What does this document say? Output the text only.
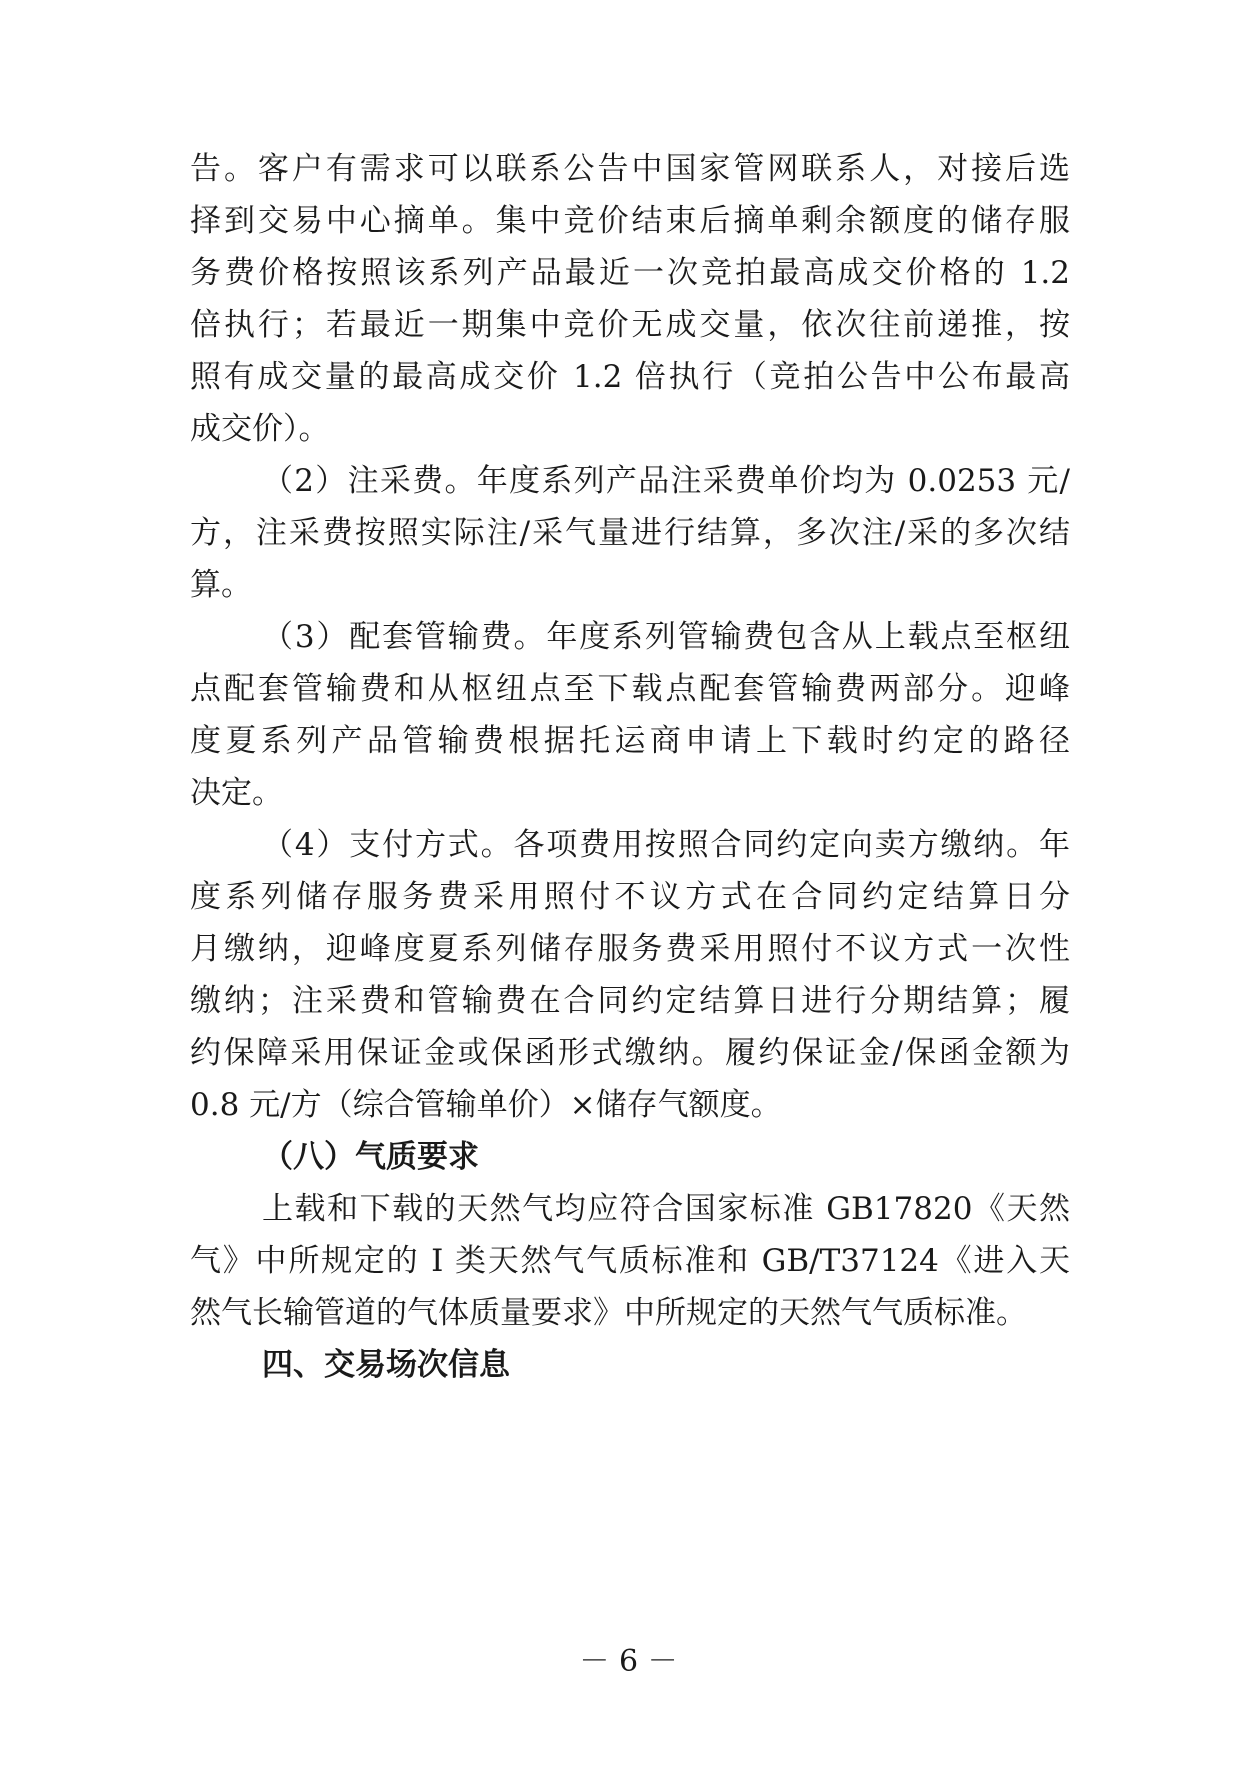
告。客户有需求可以联系公告中国家管网联系人，对接后选
择到交易中心摘单。集中竞价结束后摘单剩余额度的储存服
务费价格按照该系列产品最近一次竞拍最高成交价格的 1.2
倍执行；若最近一期集中竞价无成交量，依次往前递推，按
照有成交量的最高成交价 1.2 倍执行（竞拍公告中公布最高
成交价）。
（2）注采费。年度系列产品注采费单价均为 0.0253 元/
方，注采费按照实际注/采气量进行结算，多次注/采的多次结
算。
（3）配套管输费。年度系列管输费包含从上载点至枢纽
点配套管输费和从枢纽点至下载点配套管输费两部分。迎峰
度夏系列产品管输费根据托运商申请上下载时约定的路径
决定。
（4）支付方式。各项费用按照合同约定向卖方缴纳。年
度系列储存服务费采用照付不议方式在合同约定结算日分
月缴纳，迎峰度夏系列储存服务费采用照付不议方式一次性
缴纳；注采费和管输费在合同约定结算日进行分期结算；履
约保障采用保证金或保函形式缴纳。履约保证金/保函金额为
0.8 元/方（综合管输单价）×储存气额度。
（八）气质要求
上载和下载的天然气均应符合国家标准 GB17820《天然
气》中所规定的 I 类天然气气质标准和 GB/T37124《进入天
然气长输管道的气体质量要求》中所规定的天然气气质标准。
四、交易场次信息
－ 6 －
